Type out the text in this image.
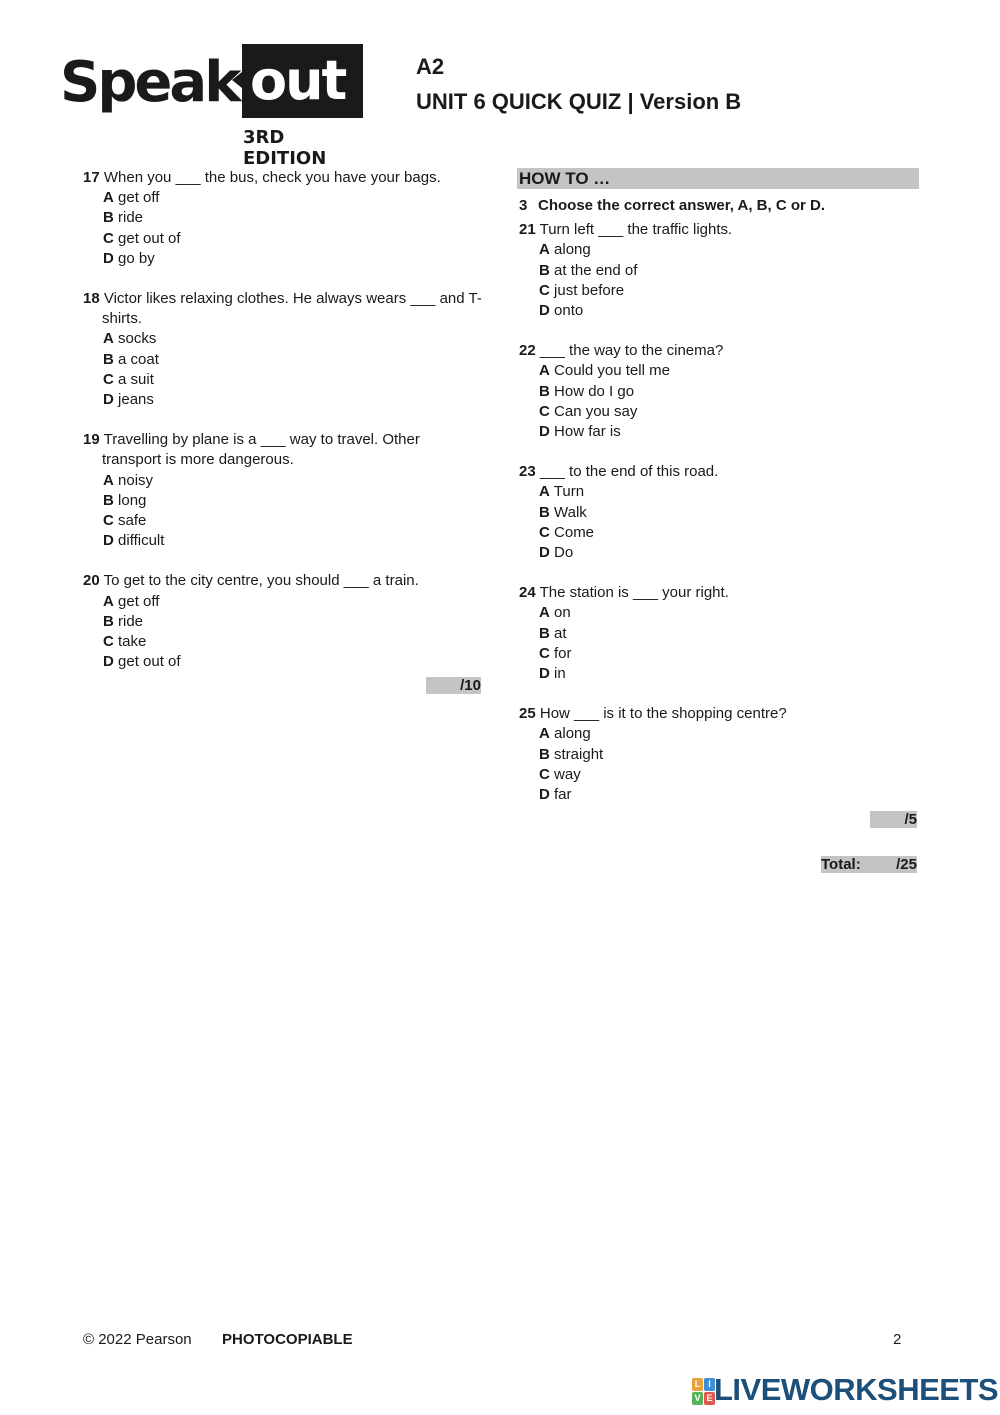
Speak out
3RD EDITION
A2
UNIT 6 QUICK QUIZ | Version B
17 When you ___ the bus, check you have your bags.
A get off
B ride
C get out of
D go by
18 Victor likes relaxing clothes. He always wears ___ and T-shirts.
A socks
B a coat
C a suit
D jeans
19 Travelling by plane is a ___ way to travel. Other transport is more dangerous.
A noisy
B long
C safe
D difficult
20 To get to the city centre, you should ___ a train.
A get off
B ride
C take
D get out of
/10
HOW TO …
3 Choose the correct answer, A, B, C or D.
21 Turn left ___ the traffic lights.
A along
B at the end of
C just before
D onto
22 ___ the way to the cinema?
A Could you tell me
B How do I go
C Can you say
D How far is
23 ___ to the end of this road.
A Turn
B Walk
C Come
D Do
24 The station is ___ your right.
A on
B at
C for
D in
25 How ___ is it to the shopping centre?
A along
B straight
C way
D far
/5
Total: /25
© 2022 Pearson PHOTOCOPIABLE	2
L I
V E LIVEWORKSHEETS
